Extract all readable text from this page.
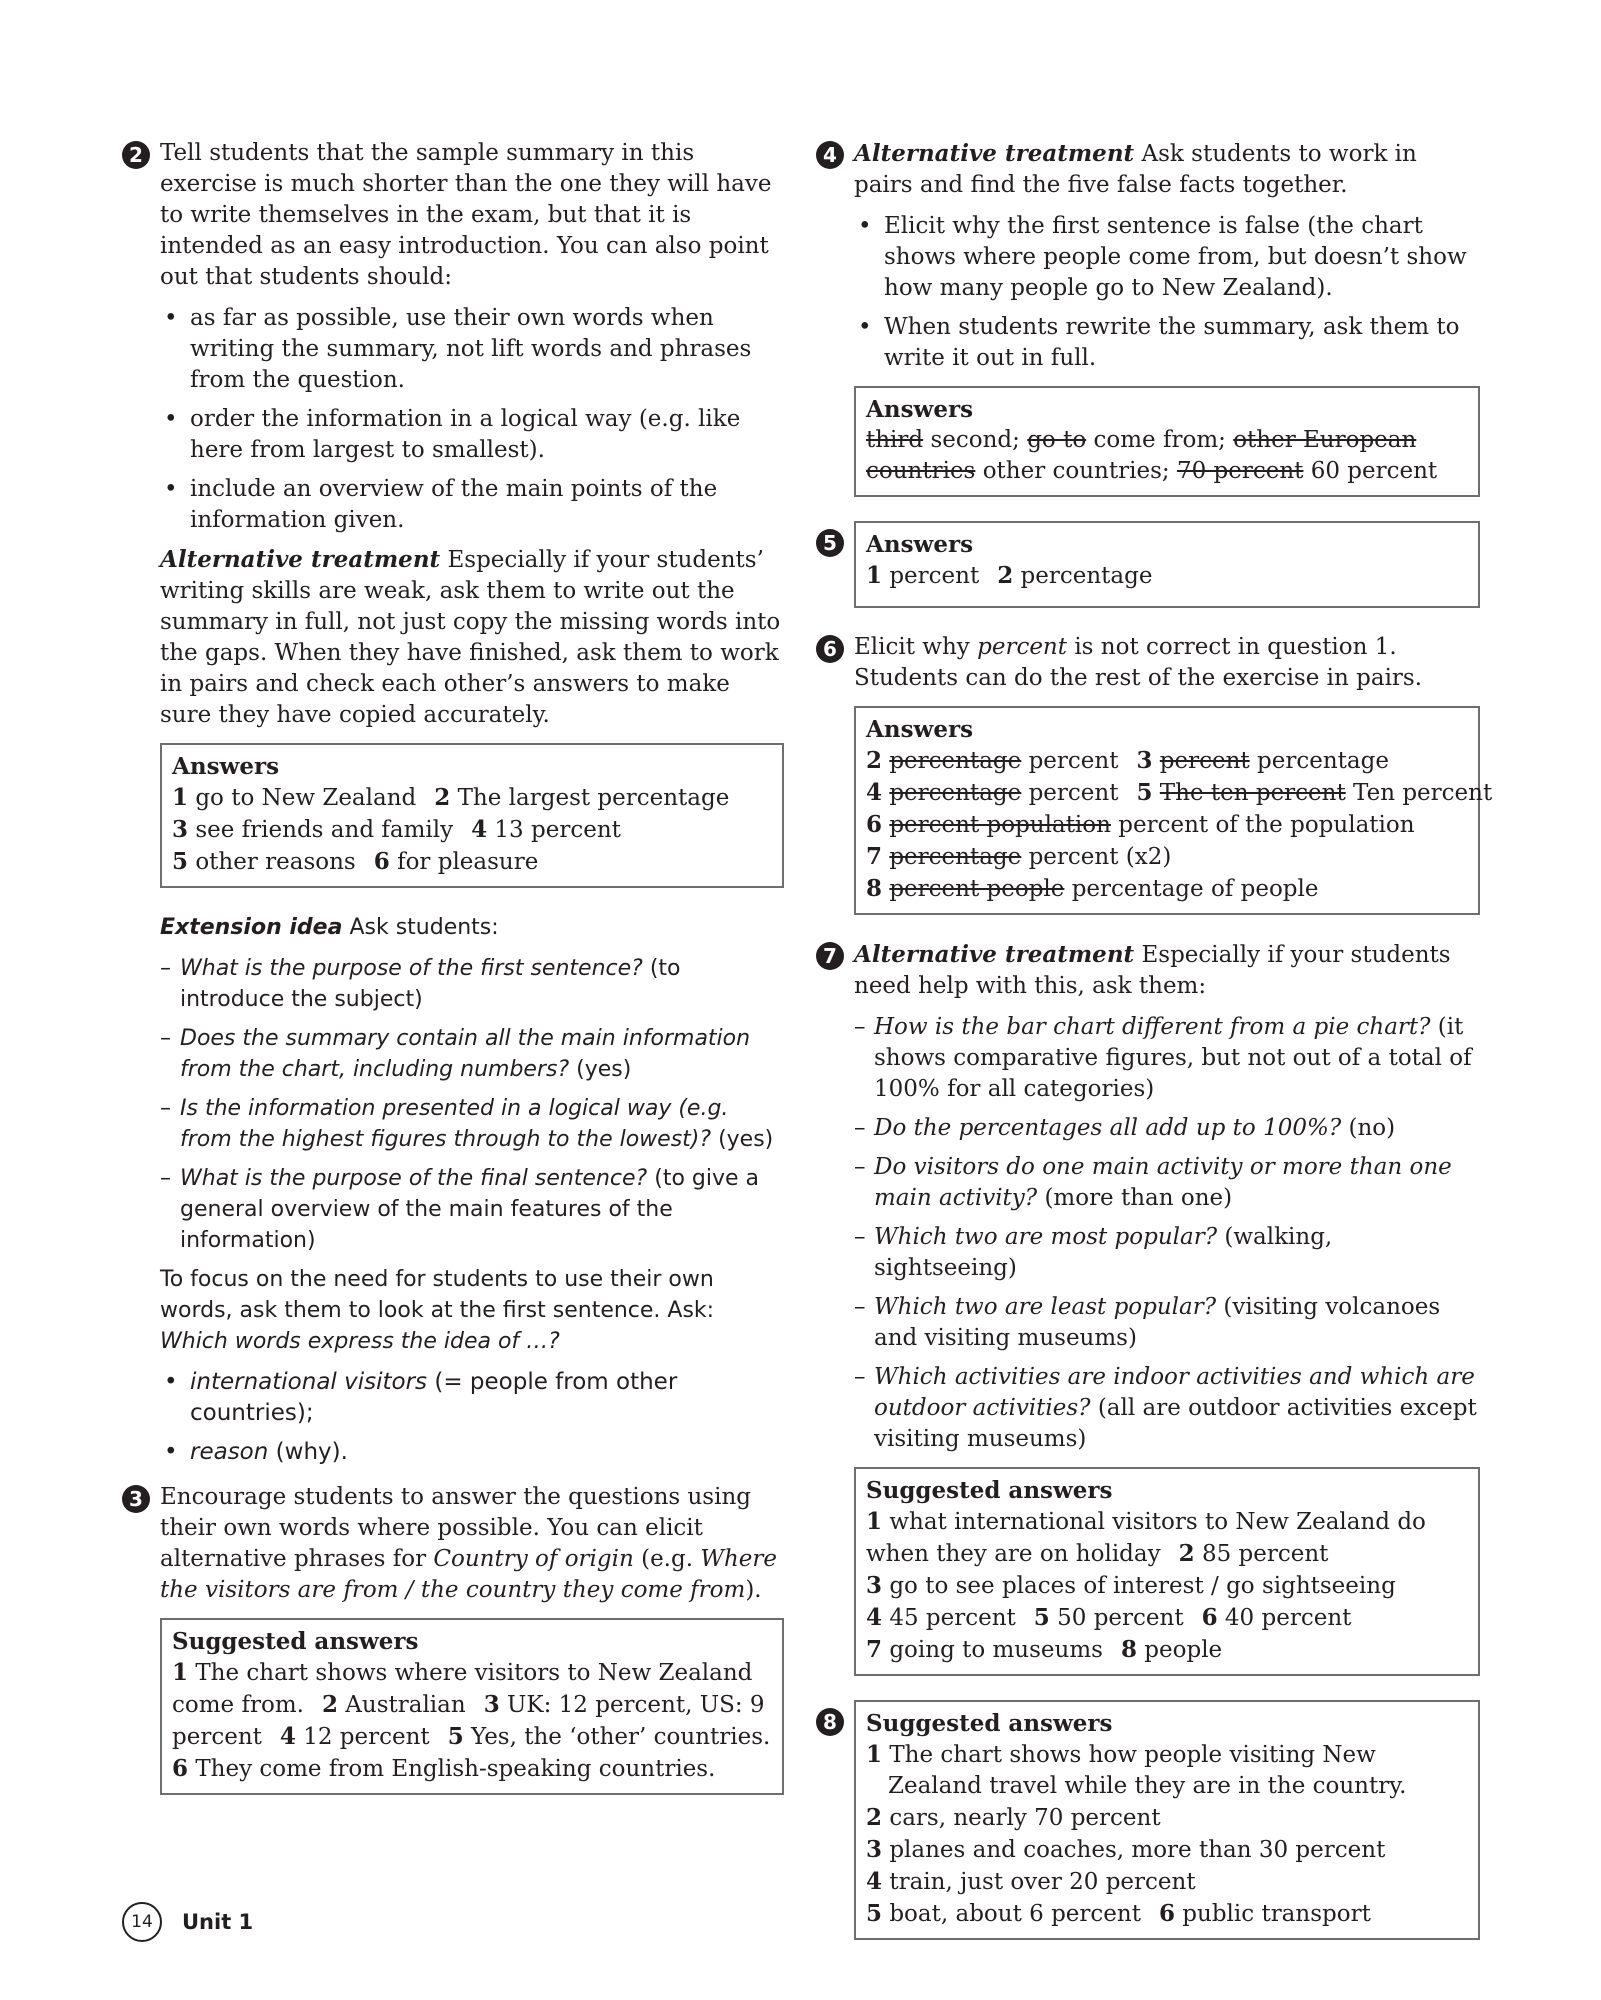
2 Tell students that the sample summary in this exercise is much shorter than the one they will have to write themselves in the exam, but that it is intended as an easy introduction. You can also point out that students should:

• as far as possible, use their own words when writing the summary, not lift words and phrases from the question.
• order the information in a logical way (e.g. like here from largest to smallest).
• include an overview of the main points of the information given.

Alternative treatment Especially if your students’ writing skills are weak, ask them to write out the summary in full, not just copy the missing words into the gaps. When they have finished, ask them to work in pairs and check each other’s answers to make sure they have copied accurately.

Answers
1 go to New Zealand 2 The largest percentage
3 see friends and family 4 13 percent
5 other reasons 6 for pleasure

Extension idea Ask students:

– What is the purpose of the first sentence? (to introduce the subject)
– Does the summary contain all the main information from the chart, including numbers? (yes)
– Is the information presented in a logical way (e.g. from the highest figures through to the lowest)? (yes)
– What is the purpose of the final sentence? (to give a general overview of the main features of the information)

To focus on the need for students to use their own words, ask them to look at the first sentence. Ask: Which words express the idea of …?

• international visitors (= people from other countries);
• reason (why).
3 Encourage students to answer the questions using their own words where possible. You can elicit alternative phrases for Country of origin (e.g. Where the visitors are from / the country they come from).

Suggested answers
1 The chart shows where visitors to New Zealand come from. 2 Australian 3 UK: 12 percent, US: 9 percent 4 12 percent 5 Yes, the ‘other’ countries. 6 They come from English-speaking countries.
4 Alternative treatment Ask students to work in pairs and find the five false facts together.

• Elicit why the first sentence is false (the chart shows where people come from, but doesn’t show how many people go to New Zealand).
• When students rewrite the summary, ask them to write it out in full.
Answers
third second; go to come from; other European countries other countries; 70 percent 60 percent
5	Answers
1 percent 2 percentage
6 Elicit why percent is not correct in question 1. Students can do the rest of the exercise in pairs.

Answers
2 percentage percent 3 percent percentage
4 percentage percent 5 The ten percent Ten percent
6 percent population percent of the population
7 percentage percent (x2)
8 percent people percentage of people
7 Alternative treatment Especially if your students need help with this, ask them:

– How is the bar chart different from a pie chart? (it shows comparative figures, but not out of a total of 100% for all categories)
– Do the percentages all add up to 100%? (no)
– Do visitors do one main activity or more than one main activity? (more than one)
– Which two are most popular? (walking, sightseeing)
– Which two are least popular? (visiting volcanoes and visiting museums)
– Which activities are indoor activities and which are outdoor activities? (all are outdoor activities except visiting museums)
Suggested answers
1 what international visitors to New Zealand do when they are on holiday 2 85 percent
3 go to see places of interest / go sightseeing
4 45 percent 5 50 percent 6 40 percent
7 going to museums 8 people
8	Suggested answers
1 The chart shows how people visiting New Zealand travel while they are in the country.
2 cars, nearly 70 percent
3 planes and coaches, more than 30 percent
4 train, just over 20 percent
5 boat, about 6 percent 6 public transport
14	Unit 1
